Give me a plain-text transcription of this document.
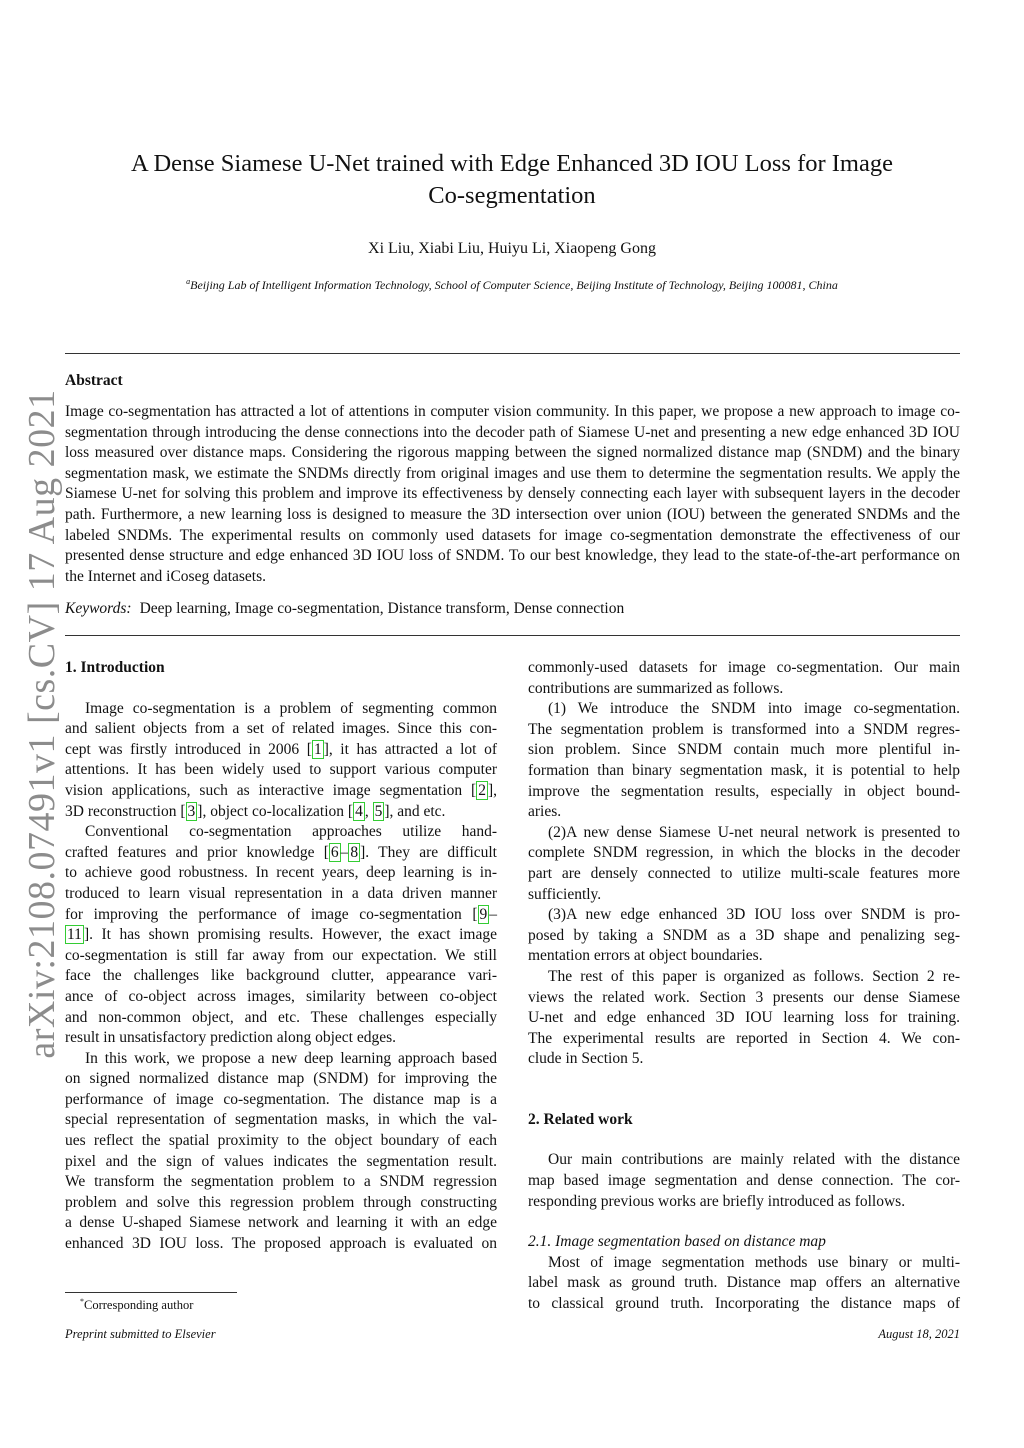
arXiv:2108.07491v1 [cs.CV] 17 Aug 2021
A Dense Siamese U-Net trained with Edge Enhanced 3D IOU Loss for Image
Co-segmentation
Xi Liu, Xiabi Liu, Huiyu Li, Xiaopeng Gong
$^a$Beijing Lab of Intelligent Information Technology, School of Computer Science, Beijing Institute of Technology, Beijing 100081, China
Abstract

Image co-segmentation has attracted a lot of attentions in computer vision community. In this paper, we propose a new approach to image co-segmentation through introducing the dense connections into the decoder path of Siamese U-net and presenting a new edge enhanced 3D IOU loss measured over distance maps. Considering the rigorous mapping between the signed normalized distance map (SNDM) and the binary segmentation mask, we estimate the SNDMs directly from original images and use them to determine the segmentation results. We apply the Siamese U-net for solving this problem and improve its effectiveness by densely connecting each layer with subsequent layers in the decoder path. Furthermore, a new learning loss is designed to measure the 3D intersection over union (IOU) between the generated SNDMs and the labeled SNDMs. The experimental results on commonly used datasets for image co-segmentation demonstrate the effectiveness of our presented dense structure and edge enhanced 3D IOU loss of SNDM. To our best knowledge, they lead to the state-of-the-art performance on the Internet and iCoseg datasets.

Keywords: Deep learning, Image co-segmentation, Distance transform, Dense connection
1. Introduction
Image co-segmentation is a problem of segmenting common
and salient objects from a set of related images. Since this con-
cept was firstly introduced in 2006 [ 1 ], it has attracted a lot of
attentions. It has been widely used to support various computer
vision applications, such as interactive image segmentation [ 2 ],
3D reconstruction [ 3 ], object co-localization [ 4 , 5 ], and etc.
Conventional co-segmentation approaches utilize hand-
crafted features and prior knowledge [ 6 – 8 ]. They are difficult
to achieve good robustness. In recent years, deep learning is in-
troduced to learn visual representation in a data driven manner
for improving the performance of image co-segmentation [ 9 –
11 ]. It has shown promising results. However, the exact image
co-segmentation is still far away from our expectation. We still
face the challenges like background clutter, appearance vari-
ance of co-object across images, similarity between co-object
and non-common object, and etc. These challenges especially
result in unsatisfactory prediction along object edges.
In this work, we propose a new deep learning approach based
on signed normalized distance map (SNDM) for improving the
performance of image co-segmentation. The distance map is a
special representation of segmentation masks, in which the val-
ues reflect the spatial proximity to the object boundary of each
pixel and the sign of values indicates the segmentation result.
We transform the segmentation problem to a SNDM regression
problem and solve this regression problem through constructing
a dense U-shaped Siamese network and learning it with an edge
enhanced 3D IOU loss. The proposed approach is evaluated on
commonly-used datasets for image co-segmentation. Our main
contributions are summarized as follows.
(1) We introduce the SNDM into image co-segmentation.
The segmentation problem is transformed into a SNDM regres-
sion problem. Since SNDM contain much more plentiful in-
formation than binary segmentation mask, it is potential to help
improve the segmentation results, especially in object bound-
aries.
(2)A new dense Siamese U-net neural network is presented to
complete SNDM regression, in which the blocks in the decoder
part are densely connected to utilize multi-scale features more
sufficiently.
(3)A new edge enhanced 3D IOU loss over SNDM is pro-
posed by taking a SNDM as a 3D shape and penalizing seg-
mentation errors at object boundaries.
The rest of this paper is organized as follows. Section 2 re-
views the related work. Section 3 presents our dense Siamese
U-net and edge enhanced 3D IOU learning loss for training.
The experimental results are reported in Section 4. We con-
clude in Section 5.
2. Related work
Our main contributions are mainly related with the distance
map based image segmentation and dense connection. The cor-
responding previous works are briefly introduced as follows.
2.1. Image segmentation based on distance map
Most of image segmentation methods use binary or multi-
label mask as ground truth. Distance map offers an alternative
to classical ground truth. Incorporating the distance maps of
*Corresponding author
Preprint submitted to Elsevier	August 18, 2021
